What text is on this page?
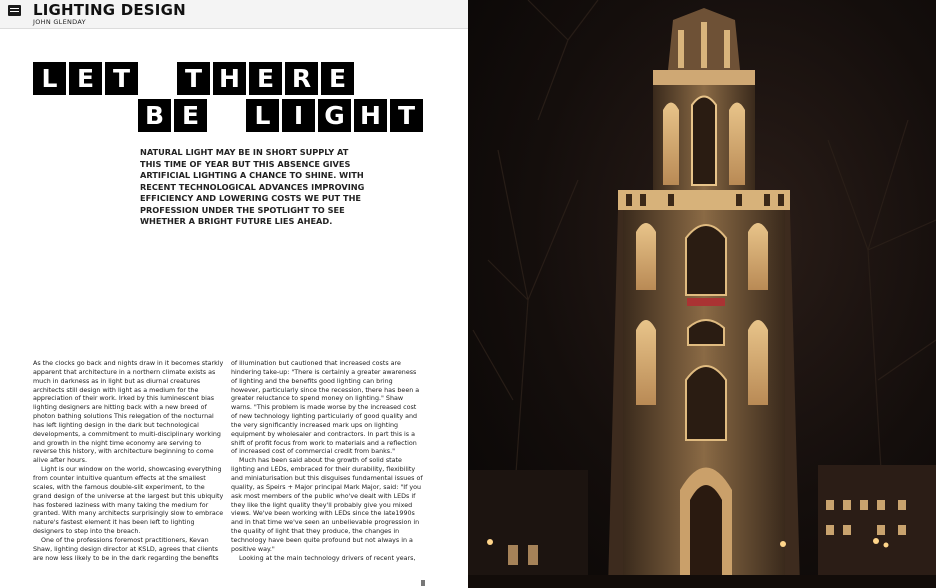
LIGHTING DESIGN
JOHN GLENDAY
L E T	T H E R E
B E	L I G H T
NATURAL LIGHT MAY BE IN SHORT SUPPLY AT THIS TIME OF YEAR BUT THIS ABSENCE GIVES ARTIFICIAL LIGHTING A CHANCE TO SHINE. WITH RECENT TECHNOLOGICAL ADVANCES IMPROVING EFFICIENCY AND LOWERING COSTS WE PUT THE PROFESSION UNDER THE SPOTLIGHT TO SEE WHETHER A BRIGHT FUTURE LIES AHEAD.

As the clocks go back and nights draw in it becomes starkly apparent that architecture in a northern climate exists as much in darkness as in light but as diurnal creatures architects still design with light as a medium for the appreciation of their work. Irked by this luminescent bias lighting designers are hitting back with a new breed of photon bathing solutions This relegation of the nocturnal has left lighting design in the dark but technological developments, a commitment to multi-disciplinary working and growth in the night time economy are serving to reverse this history, with architecture beginning to come alive after hours.

Light is our window on the world, showcasing everything from counter intuitive quantum effects at the smallest scales, with the famous double-slit experiment, to the grand design of the universe at the largest but this ubiquity has fostered laziness with many taking the medium for granted. With many architects surprisingly slow to embrace nature's fastest element it has been left to lighting designers to step into the breach.

One of the professions foremost practitioners, Kevan Shaw, lighting design director at KSLD, agrees that clients are now less likely to be in the dark regarding the benefits

of illumination but cautioned that increased costs are hindering take-up: "There is certainly a greater awareness of lighting and the benefits good lighting can bring however, particularly since the recession, there has been a greater reluctance to spend money on lighting." Shaw warns. "This problem is made worse by the increased cost of new technology lighting particularly of good quality and the very significantly increased mark ups on lighting equipment by wholesaler and contractors. In part this is a shift of profit focus from work to materials and a reflection of increased cost of commercial credit from banks."

Much has been said about the growth of solid state lighting and LEDs, embraced for their durability, flexibility and miniaturisation but this disguises fundamental issues of quality, as Speirs + Major principal Mark Major, said: "If you ask most members of the public who've dealt with LEDs if they like the light quality they'll probably give you mixed views. We've been working with LEDs since the late1990s and in that time we've seen an unbelievable progression in the quality of light that they produce, the changes in technology have been quite profound but not always in a positive way."

Looking at the main technology drivers of recent years,
